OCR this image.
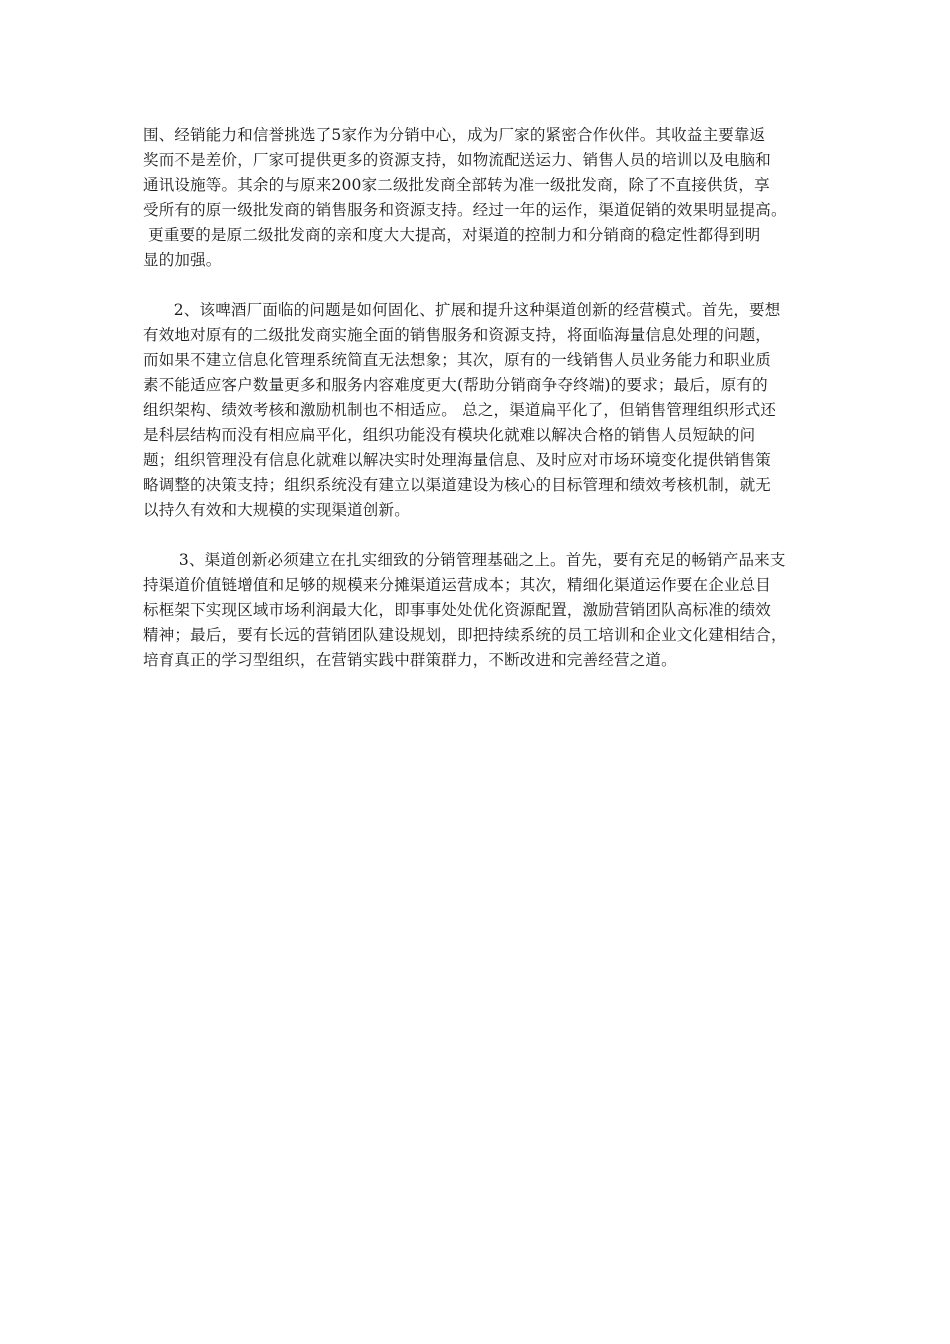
围、经销能力和信誉挑选了5家作为分销中心，成为厂家的紧密合作伙伴。其收益主要靠返
奖而不是差价，厂家可提供更多的资源支持，如物流配送运力、销售人员的培训以及电脑和
通讯设施等。其余的与原来200家二级批发商全部转为准一级批发商，除了不直接供货，享
受所有的原一级批发商的销售服务和资源支持。经过一年的运作，渠道促销的效果明显提高。
更重要的是原二级批发商的亲和度大大提高，对渠道的控制力和分销商的稳定性都得到明
显的加强。
2、该啤酒厂面临的问题是如何固化、扩展和提升这种渠道创新的经营模式。首先，要想
有效地对原有的二级批发商实施全面的销售服务和资源支持，将面临海量信息处理的问题，
而如果不建立信息化管理系统简直无法想象；其次，原有的一线销售人员业务能力和职业质
素不能适应客户数量更多和服务内容难度更大(帮助分销商争夺终端)的要求；最后，原有的
组织架构、绩效考核和激励机制也不相适应。 总之，渠道扁平化了，但销售管理组织形式还
是科层结构而没有相应扁平化，组织功能没有模块化就难以解决合格的销售人员短缺的问
题；组织管理没有信息化就难以解决实时处理海量信息、及时应对市场环境变化提供销售策
略调整的决策支持；组织系统没有建立以渠道建设为核心的目标管理和绩效考核机制，就无
以持久有效和大规模的实现渠道创新。
3、渠道创新必须建立在扎实细致的分销管理基础之上。首先，要有充足的畅销产品来支
持渠道价值链增值和足够的规模来分摊渠道运营成本；其次，精细化渠道运作要在企业总目
标框架下实现区域市场利润最大化，即事事处处优化资源配置，激励营销团队高标准的绩效
精神；最后，要有长远的营销团队建设规划，即把持续系统的员工培训和企业文化建相结合，
培育真正的学习型组织，在营销实践中群策群力，不断改进和完善经营之道。
